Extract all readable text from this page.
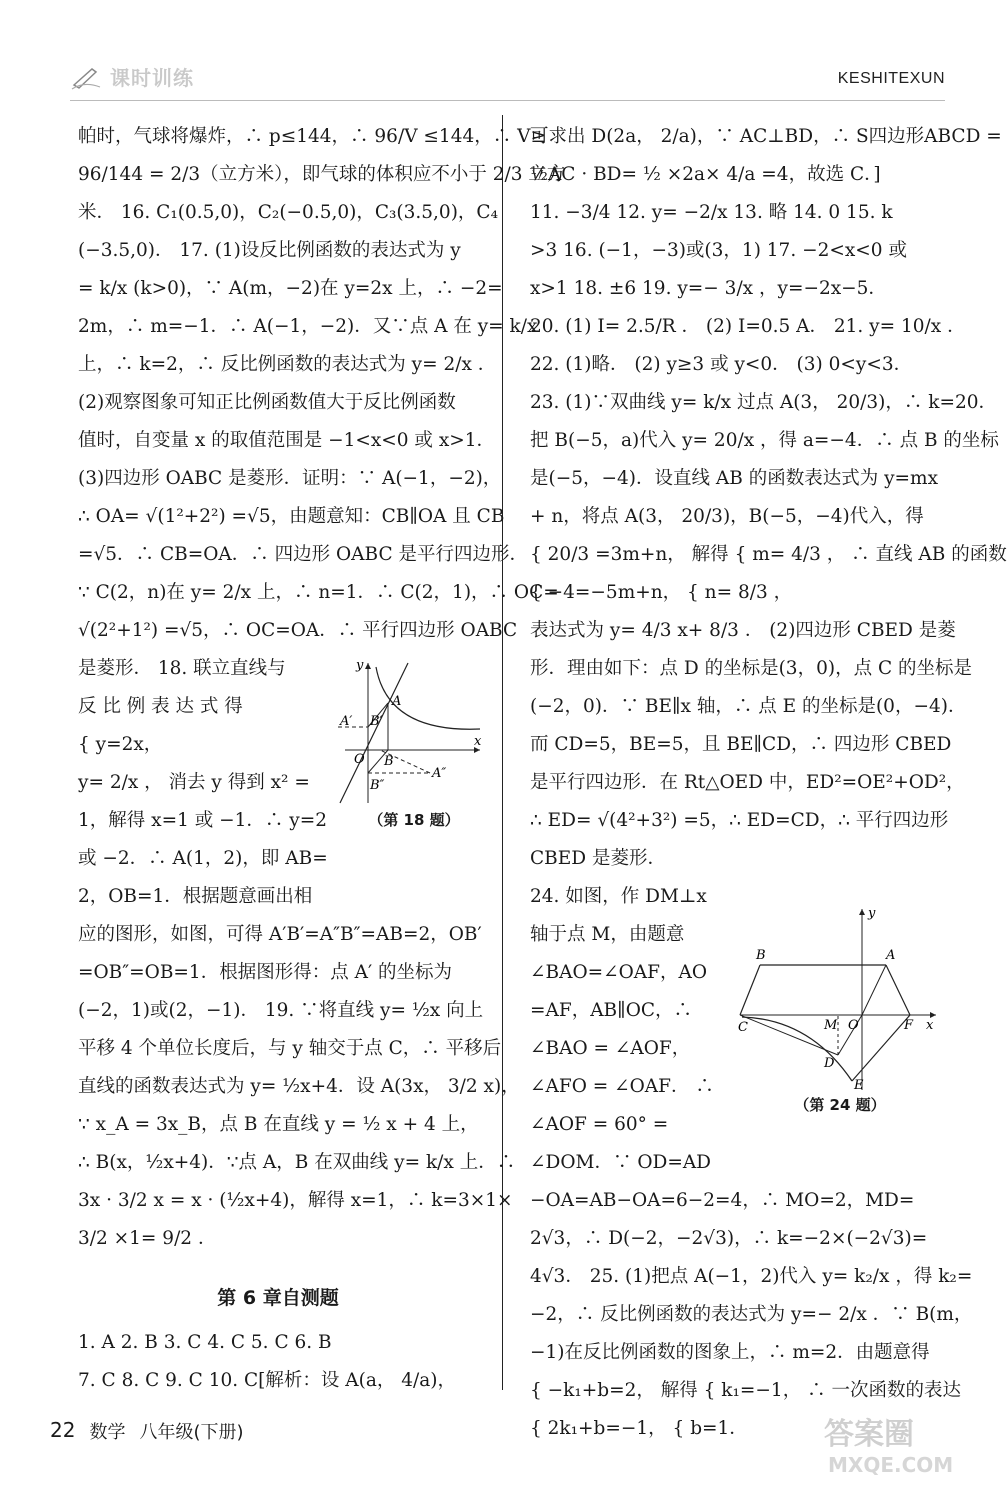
课时训练	KESHITEXUN
帕时，气球将爆炸，∴ p≤144，∴ 96/V ≤144，∴ V≥
96/144 = 2/3（立方米），即气球的体积应不小于 2/3 立方
米． 16. C₁(0.5,0)，C₂(−0.5,0)，C₃(3.5,0)，C₄
(−3.5,0)． 17. (1)设反比例函数的表达式为 y
= k/x (k>0)，∵ A(m，−2)在 y=2x 上，∴ −2=
2m，∴ m=−1．∴ A(−1，−2)．又∵点 A 在 y= k/x
上，∴ k=2，∴ 反比例函数的表达式为 y= 2/x ．
(2)观察图象可知正比例函数值大于反比例函数
值时，自变量 x 的取值范围是 −1<x<0 或 x>1．
(3)四边形 OABC 是菱形．证明：∵ A(−1，−2)，
∴ OA= √(1²+2²) =√5，由题意知：CB∥OA 且 CB
=√5．∴ CB=OA．∴ 四边形 OABC 是平行四边形．
∵ C(2，n)在 y= 2/x 上，∴ n=1．∴ C(2，1)，∴ OC=
√(2²+1²) =√5，∴ OC=OA．∴ 平行四边形 OABC
是菱形． 18. 联立直线与
反 比 例 表 达 式 得
{ y=2x，
y= 2/x ， 消去 y 得到 x² =
1，解得 x=1 或 −1．∴ y=2
或 −2．∴ A(1，2)，即 AB=
2，OB=1．根据题意画出相
应的图形，如图，可得 A′B′=A″B″=AB=2，OB′
=OB″=OB=1．根据图形得：点 A′ 的坐标为
(−2，1)或(2，−1)． 19. ∵将直线 y= ½x 向上
平移 4 个单位长度后，与 y 轴交于点 C，∴ 平移后
直线的函数表达式为 y= ½x+4．设 A(3x， 3/2 x)，
∵ x_A = 3x_B，点 B 在直线 y = ½ x + 4 上，
∴ B(x，½x+4)．∵点 A，B 在双曲线 y= k/x 上．∴
3x · 3/2 x = x · (½x+4)，解得 x=1，∴ k=3×1×
3/2 ×1= 9/2 ．
第 6 章自测题
1. A 2. B 3. C 4. C 5. C 6. B
7. C 8. C 9. C 10. C[解析：设 A(a， 4/a)，
y
x
O
A
B′
A′
B
A″
B″
（第 18 题）
可求出 D(2a， 2/a)，∵ AC⊥BD，∴ S四边形ABCD =
½AC · BD= ½ ×2a× 4/a =4，故选 C．]
11. −3/4 12. y= −2/x 13. 略 14. 0 15. k
>3 16. (−1，−3)或(3，1) 17. −2<x<0 或
x>1 18. ±6 19. y=− 3/x ，y=−2x−5．
20. (1) I= 2.5/R ． (2) I=0.5 A． 21. y= 10/x ．
22. (1)略． (2) y≥3 或 y<0． (3) 0<y<3．
23. (1)∵双曲线 y= k/x 过点 A(3， 20/3)，∴ k=20．
把 B(−5，a)代入 y= 20/x ，得 a=−4．∴ 点 B 的坐标
是(−5，−4)．设直线 AB 的函数表达式为 y=mx
+ n，将点 A(3， 20/3)，B(−5，−4)代入，得
{ 20/3 =3m+n， 解得 { m= 4/3 ， ∴ 直线 AB 的函数
{ −4=−5m+n， { n= 8/3 ，
表达式为 y= 4/3 x+ 8/3 ． (2)四边形 CBED 是菱
形．理由如下：点 D 的坐标是(3，0)，点 C 的坐标是
(−2，0)．∵ BE∥x 轴，∴ 点 E 的坐标是(0，−4)．
而 CD=5，BE=5，且 BE∥CD，∴ 四边形 CBED
是平行四边形．在 Rt△OED 中，ED²=OE²+OD²，
∴ ED= √(4²+3²) =5，∴ ED=CD，∴ 平行四边形
CBED 是菱形．
24. 如图，作 DM⊥x
轴于点 M，由题意
∠BAO=∠OAF，AO
=AF，AB∥OC，∴
∠BAO = ∠AOF，
∠AFO = ∠OAF． ∴
∠AOF = 60° =
∠DOM．∵ OD=AD
−OA=AB−OA=6−2=4，∴ MO=2，MD=
2√3，∴ D(−2，−2√3)，∴ k=−2×(−2√3)=
4√3． 25. (1)把点 A(−1，2)代入 y= k₂/x ，得 k₂=
−2，∴ 反比例函数的表达式为 y=− 2/x ．∵ B(m，
−1)在反比例函数的图象上，∴ m=2．由题意得
{ −k₁+b=2， 解得 { k₁=−1， ∴ 一次函数的表达
{ 2k₁+b=−1， { b=1．
y
x
O
A
B
C	M	F
D
E
（第 24 题）
22 数学 八年级(下册)	答案圈
MXQE.COM
